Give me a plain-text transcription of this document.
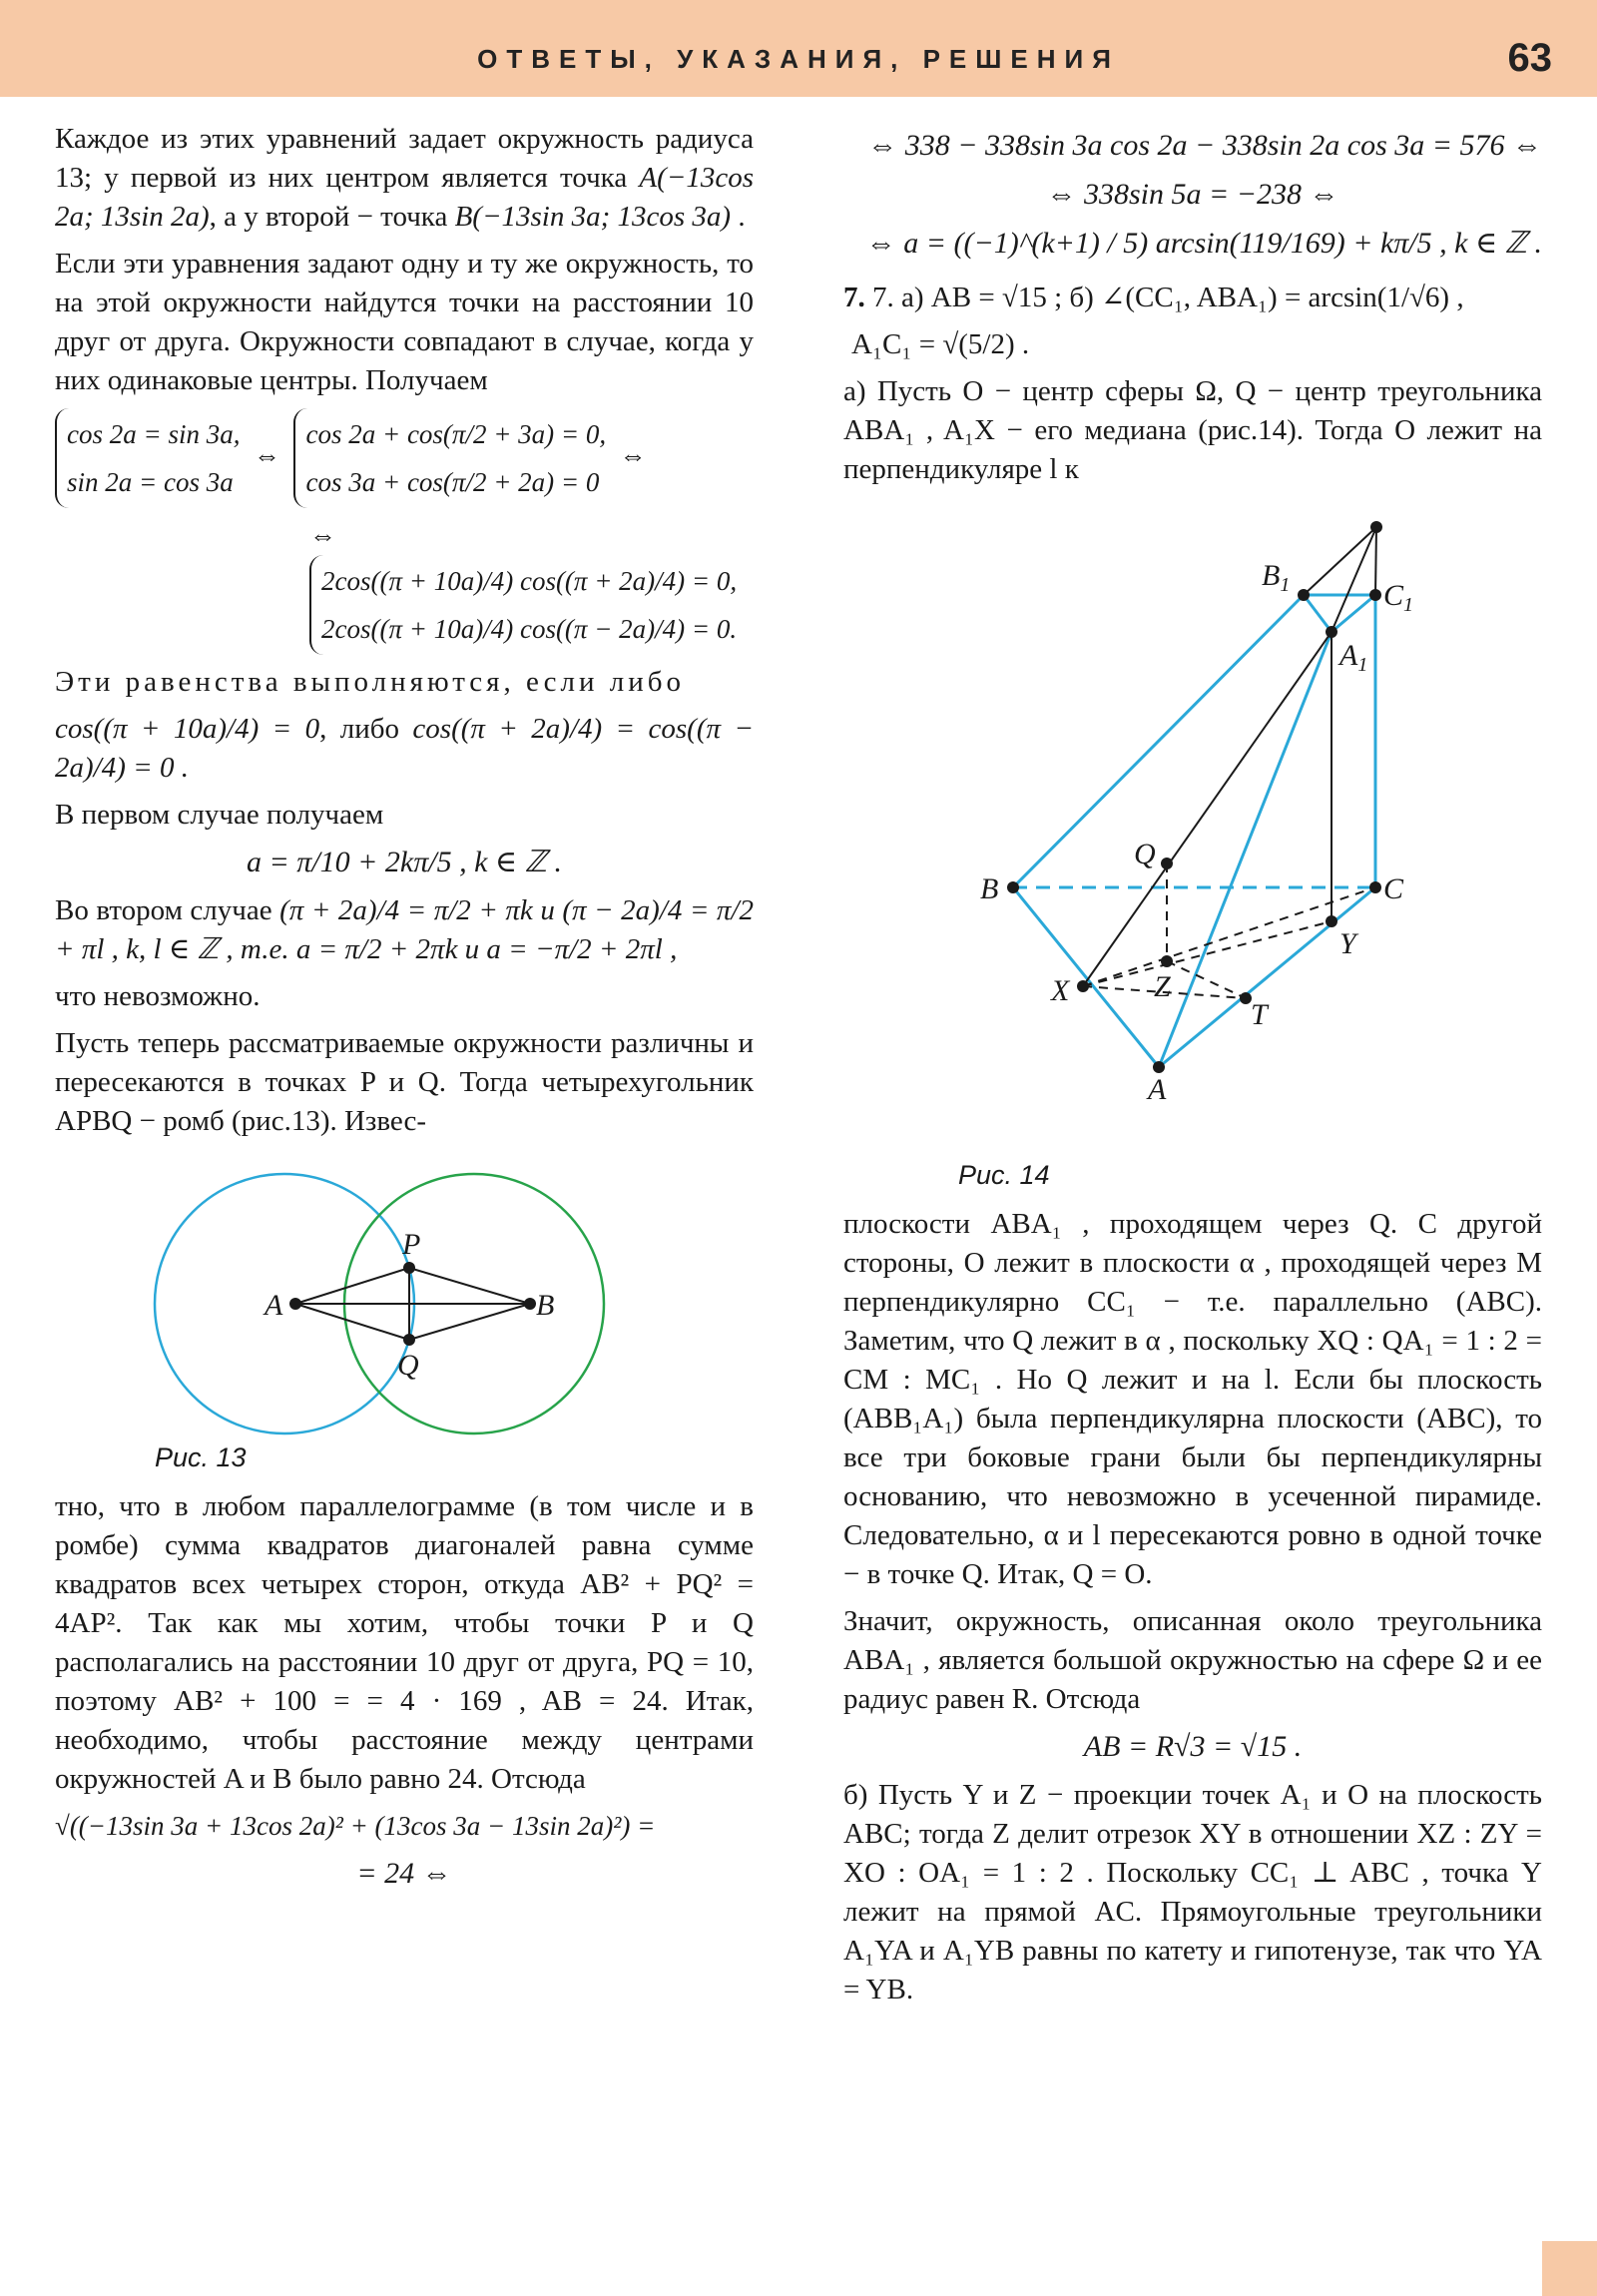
ОТВЕТЫ, УКАЗАНИЯ, РЕШЕНИЯ	63

Каждое из этих уравнений задает окружность радиуса 13; у первой из них центром является точка A(−13cos 2a; 13sin 2a), а у второй − точка B(−13sin 3a; 13cos 3a) .

Если эти уравнения задают одну и ту же окружность, то на этой окружности найдутся точки на расстоянии 10 друг от друга. Окружности совпадают в случае, когда у них одинаковые центры. Получаем

cos 2a = sin 3a,
sin 2a = cos 3a
⇔
cos 2a + cos(π/2 + 3a) = 0,
cos 3a + cos(π/2 + 2a) = 0
⇔
⇔
2cos((π + 10a)/4) cos((π + 2a)/4) = 0,
2cos((π + 10a)/4) cos((π − 2a)/4) = 0.

Эти равенства выполняются, если либо

cos((π + 10a)/4) = 0, либо cos((π + 2a)/4) = cos((π − 2a)/4) = 0 .

В первом случае получаем

a = π/10 + 2kπ/5 , k ∈ ℤ .

Во втором случае (π + 2a)/4 = π/2 + πk и (π − 2a)/4 = π/2 + πl , k, l ∈ ℤ , т.е. a = π/2 + 2πk и a = −π/2 + 2πl ,

что невозможно.

Пусть теперь рассматриваемые окружности различны и пересекаются в точках P и Q. Тогда четырехугольник APBQ − ромб (рис.13). Извес-

P
A	B
Q
Рис. 13

тно, что в любом параллелограмме (в том числе и в ромбе) сумма квадратов диагоналей равна сумме квадратов всех четырех сторон, откуда AB² + PQ² = 4AP². Так как мы хотим, чтобы точки P и Q располагались на расстоянии 10 друг от друга, PQ = 10, поэтому AB² + 100 = = 4 · 169 , AB = 24. Итак, необходимо, чтобы расстояние между центрами окружностей A и B было равно 24. Отсюда

√((−13sin 3a + 13cos 2a)² + (13cos 3a − 13sin 2a)²) =
= 24 ⇔
⇔ 338 − 338sin 3a cos 2a − 338sin 2a cos 3a = 576 ⇔
⇔ 338sin 5a = −238 ⇔
⇔ a = ((−1)^(k+1) / 5) arcsin(119/169) + kπ/5 , k ∈ ℤ .

7. 7. а) AB = √15 ; б) ∠(CC₁, ABA₁) = arcsin(1/√6) ,

A₁C₁ = √(5/2) .

а) Пусть O − центр сферы Ω, Q − центр треугольника ABA₁ , A₁X − его медиана (рис.14). Тогда O лежит на перпендикуляре l к

$B_1$	$C_1$
$A_1$
Q
B	C
Y
X	Z
T
A
Рис. 14

плоскости ABA₁ , проходящем через Q. С другой стороны, O лежит в плоскости α , проходящей через M перпендикулярно CC₁ − т.е. параллельно (ABC). Заметим, что Q лежит в α , поскольку XQ : QA₁ = 1 : 2 = CM : MC₁ . Но Q лежит и на l. Если бы плоскость (ABB₁A₁) была перпендикулярна плоскости (ABC), то все три боковые грани были бы перпендикулярны основанию, что невозможно в усеченной пирамиде. Следовательно, α и l пересекаются ровно в одной точке − в точке Q. Итак, Q = O.

Значит, окружность, описанная около треугольника ABA₁ , является большой окружностью на сфере Ω и ее радиус равен R. Отсюда

AB = R√3 = √15 .

б) Пусть Y и Z − проекции точек A₁ и O на плоскость ABC; тогда Z делит отрезок XY в отношении XZ : ZY = XO : OA₁ = 1 : 2 . Поскольку CC₁ ⊥ ABC , точка Y лежит на прямой AC. Прямоугольные треугольники A₁YA и A₁YB равны по катету и гипотенузе, так что YA = YB.
